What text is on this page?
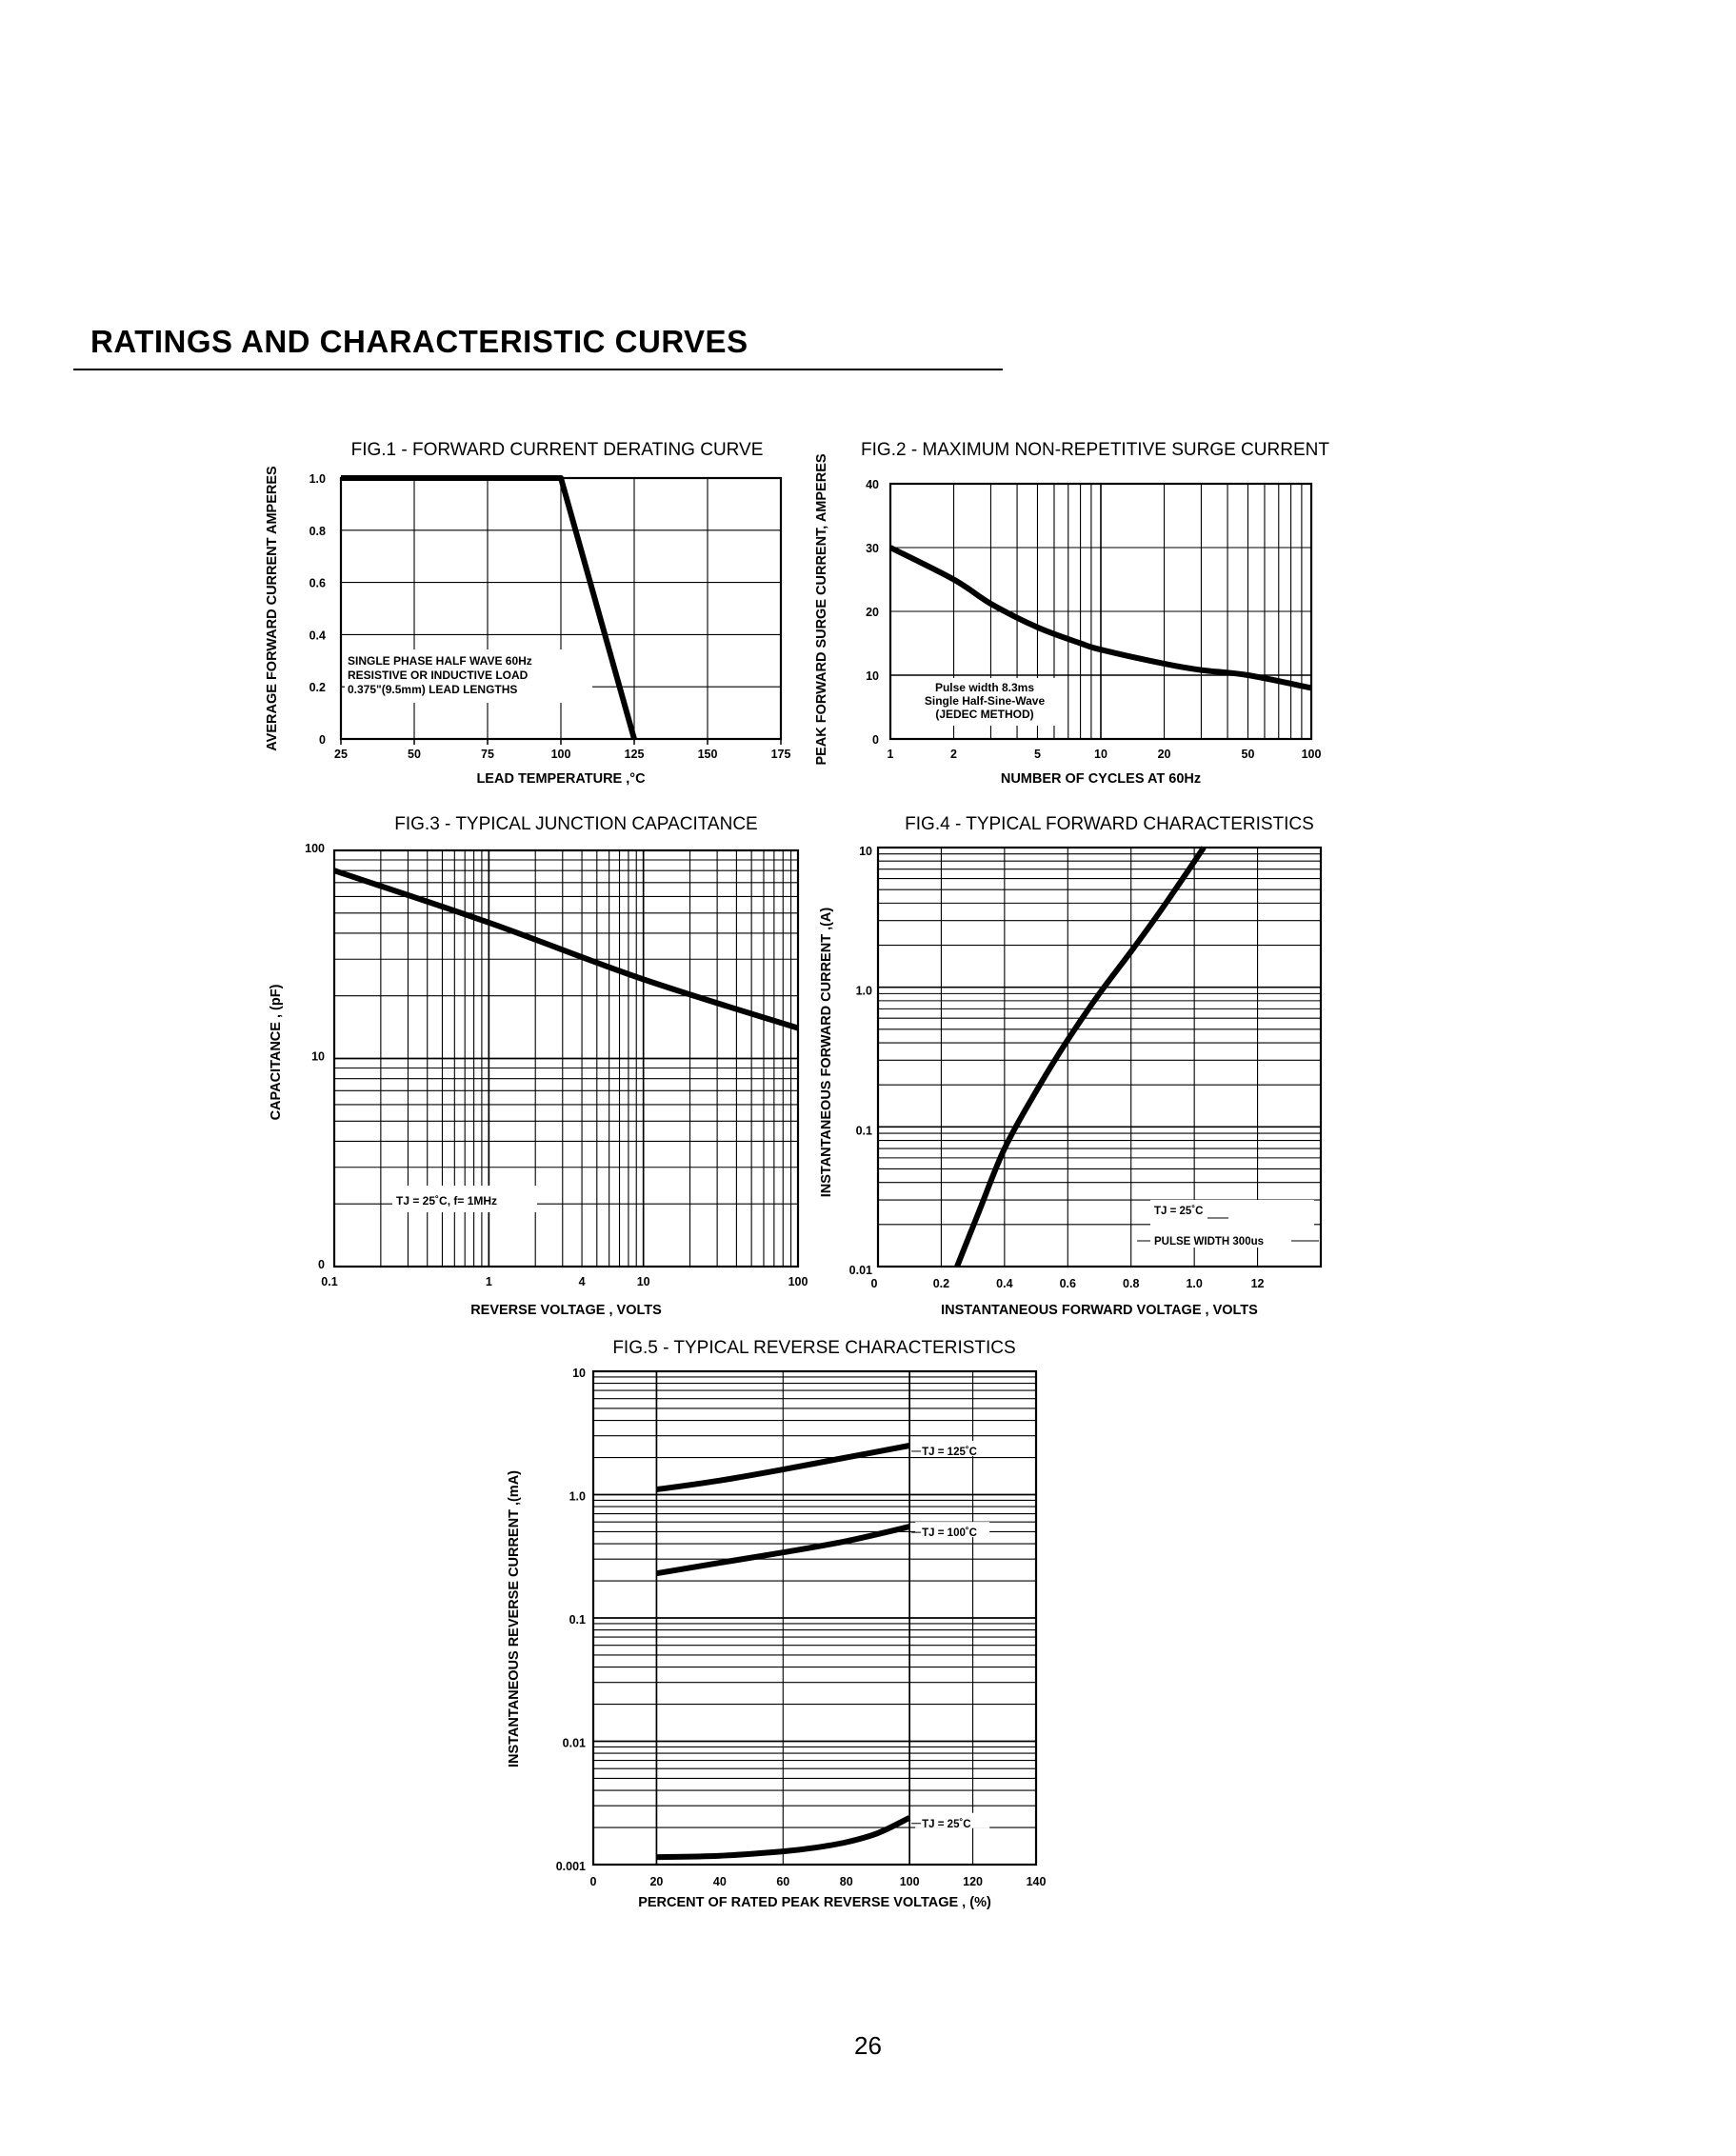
RATINGS AND CHARACTERISTIC CURVES
FIG.1 - FORWARD CURRENT DERATING CURVE
LEAD TEMPERATURE ,°C
AVERAGE FORWARD CURRENT AMPERES
25	50	75	100	125	150	175
0
0.2
0.4
0.6
0.8
1.0
SINGLE PHASE HALF WAVE 60Hz
RESISTIVE OR INDUCTIVE LOAD
0.375"(9.5mm) LEAD LENGTHS
FIG.2 - MAXIMUM NON-REPETITIVE SURGE CURRENT
NUMBER OF CYCLES AT 60Hz
PEAK FORWARD SURGE CURRENT, AMPERES	1	2	5	10	20	50	100
0
10
20
30
40
Pulse width 8.3ms
Single Half-Sine-Wave
(JEDEC METHOD)
FIG.3 - TYPICAL JUNCTION CAPACITANCE
REVERSE VOLTAGE , VOLTS
CAPACITANCE , (pF)
0.1	1	4	10	100
0
10
100
TJ = 25˚C, f= 1MHz
FIG.4 - TYPICAL FORWARD CHARACTERISTICS
INSTANTANEOUS FORWARD VOLTAGE , VOLTS
INSTANTANEOUS FORWARD CURRENT ,(A)
0	0.2	0.4	0.6	0.8	1.0	12
0.01
0.1
1.0
10
TJ = 25˚C
PULSE WIDTH 300us
FIG.5 - TYPICAL REVERSE CHARACTERISTICS
PERCENT OF RATED PEAK REVERSE VOLTAGE , (%)
INSTANTANEOUS REVERSE CURRENT ,(mA)
0	20	40	60	80	100	120	140
0.001
0.01
0.1
1.0
10
TJ = 125˚C
TJ = 100˚C
TJ = 25˚C
26
